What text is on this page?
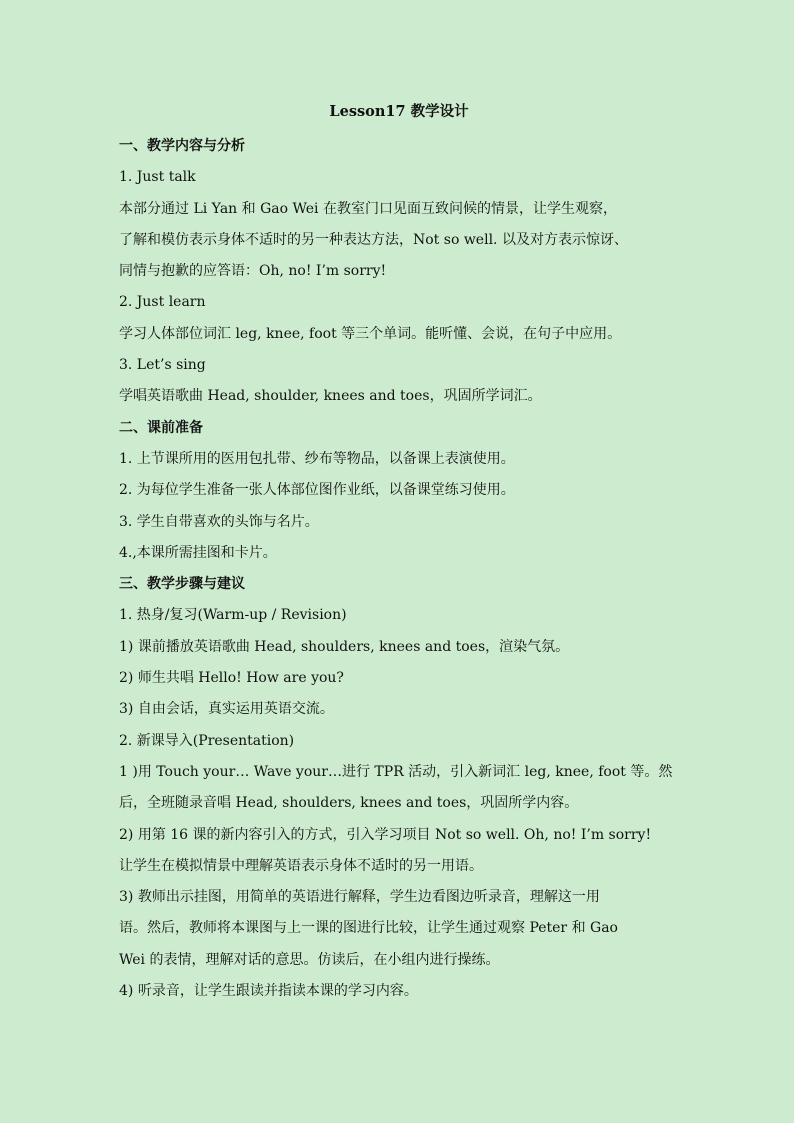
Lesson17 教学设计
一、教学内容与分析
1. Just talk
本部分通过 Li Yan 和 Gao Wei 在教室门口见面互致问候的情景，让学生观察，
了解和模仿表示身体不适时的另一种表达方法，Not so well. 以及对方表示惊讶、
同情与抱歉的应答语：Oh, no! I’m sorry!
2. Just learn
学习人体部位词汇 leg, knee, foot 等三个单词。能听懂、会说，在句子中应用。
3. Let’s sing
学唱英语歌曲 Head, shoulder, knees and toes，巩固所学词汇。
二、课前准备
1. 上节课所用的医用包扎带、纱布等物品，以备课上表演使用。
2. 为每位学生准备一张人体部位图作业纸，以备课堂练习使用。
3. 学生自带喜欢的头饰与名片。
4.,本课所需挂图和卡片。
三、教学步骤与建议
1. 热身/复习(Warm-up / Revision)
1) 课前播放英语歌曲 Head, shoulders, knees and toes，渲染气氛。
2) 师生共唱 Hello! How are you?
3) 自由会话，真实运用英语交流。
2. 新课导入(Presentation)
1 )用 Touch your… Wave your…进行 TPR 活动，引入新词汇 leg, knee, foot 等。然
后，全班随录音唱 Head, shoulders, knees and toes，巩固所学内容。
2) 用第 16 课的新内容引入的方式，引入学习项目 Not so well. Oh, no! I’m sorry!
让学生在模拟情景中理解英语表示身体不适时的另一用语。
3) 教师出示挂图，用简单的英语进行解释，学生边看图边听录音，理解这一用
语。然后，教师将本课图与上一课的图进行比较，让学生通过观察 Peter 和 Gao
Wei 的表情，理解对话的意思。仿读后，在小组内进行操练。
4) 听录音，让学生跟读并指读本课的学习内容。
